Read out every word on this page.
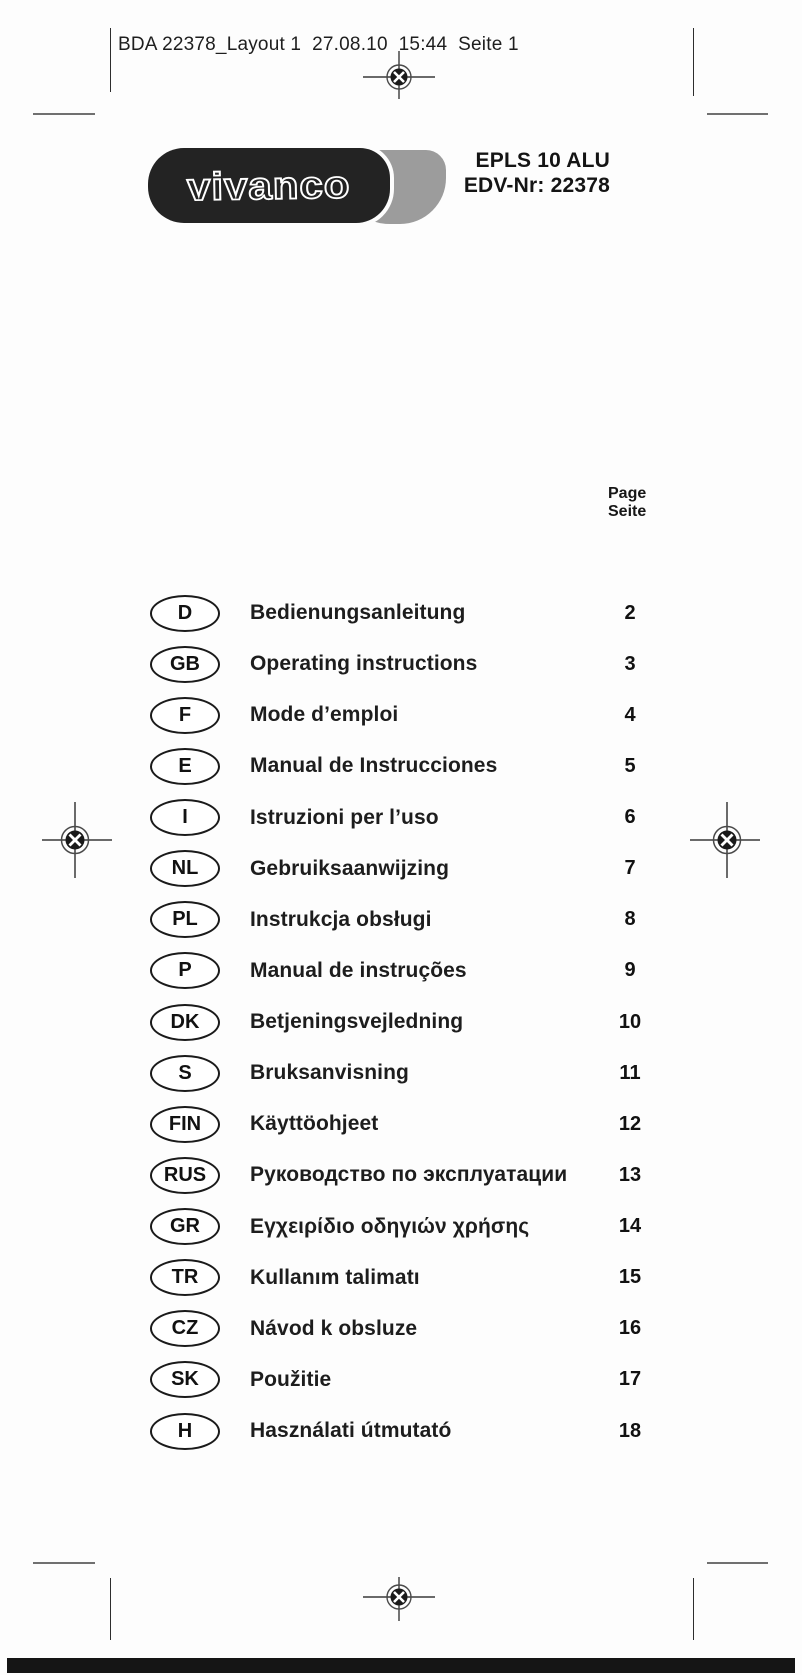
BDA 22378_Layout 1  27.08.10  15:44  Seite 1
vivanco
EPLS 10 ALU
EDV-Nr: 22378
Page
Seite
D	Bedienungsanleitung	2
GB	Operating instructions	3
F	Mode d’emploi	4
E	Manual de Instrucciones	5
I	Istruzioni per l’uso	6
NL	Gebruiksaanwijzing	7
PL	Instrukcja obsługi	8
P	Manual de instruções	9
DK	Betjeningsvejledning	10
S	Bruksanvisning	11
FIN	Käyttöohjeet	12
RUS	Руководство по эксплуатации	13
GR	Εγχειρίδιο οδηγιών χρήσης	14
TR	Kullanım talimatı	15
CZ	Návod k obsluze	16
SK	Použitie	17
H	Használati útmutató	18
